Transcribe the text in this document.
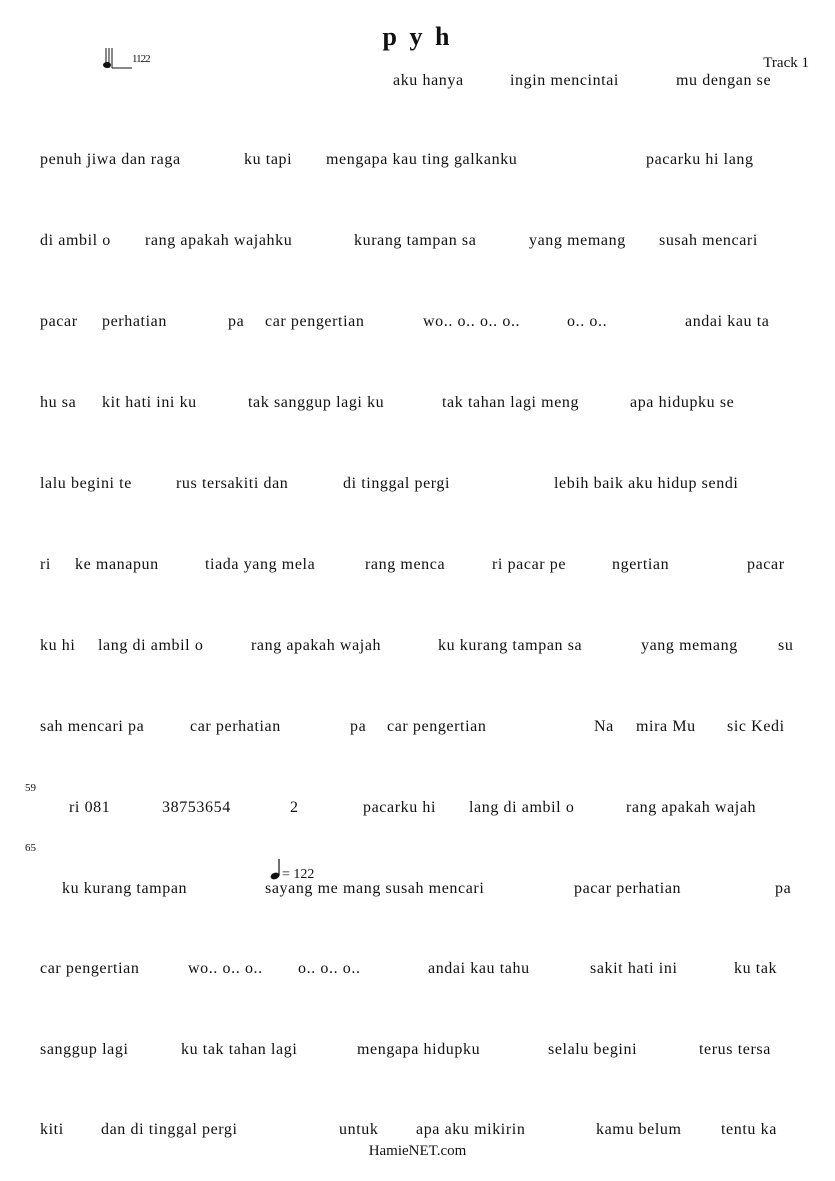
p y h
Track 1
1122
aku hanya	ingin mencintai	mu dengan se
penuh jiwa dan raga	ku tapi mengapa kau ting galkanku	pacarku hi lang
di ambil o rang apakah wajahku	kurang tampan sa	yang memang susah mencari
pacar perhatian	pa car pengertian	wo.. o.. o.. o..	o.. o..	andai kau ta
hu sa kit hati ini ku	tak sanggup lagi ku	tak tahan lagi meng	apa hidupku se
lalu begini te	rus tersakiti dan	di tinggal pergi	lebih baik aku hidup sendi
ri ke manapun	tiada yang mela	rang menca	ri pacar pe	ngertian	pacar
ku hi lang di ambil o	rang apakah wajah	ku kurang tampan sa	yang memang	su
sah mencari pa	car perhatian	pa car pengertian	Na mira Mu sic Kedi
59
ri 081	38753654	2	pacarku hi lang di ambil o	rang apakah wajah
65
= 122
ku kurang tampan	sayang me mang susah mencari	pacar perhatian	pa
car pengertian	wo.. o.. o.. o.. o.. o..	andai kau tahu	sakit hati ini	ku tak
sanggup lagi	ku tak tahan lagi	mengapa hidupku	selalu begini	terus tersa
kiti dan di tinggal pergi	untuk apa aku mikirin	kamu belum tentu ka
HamieNET.com
